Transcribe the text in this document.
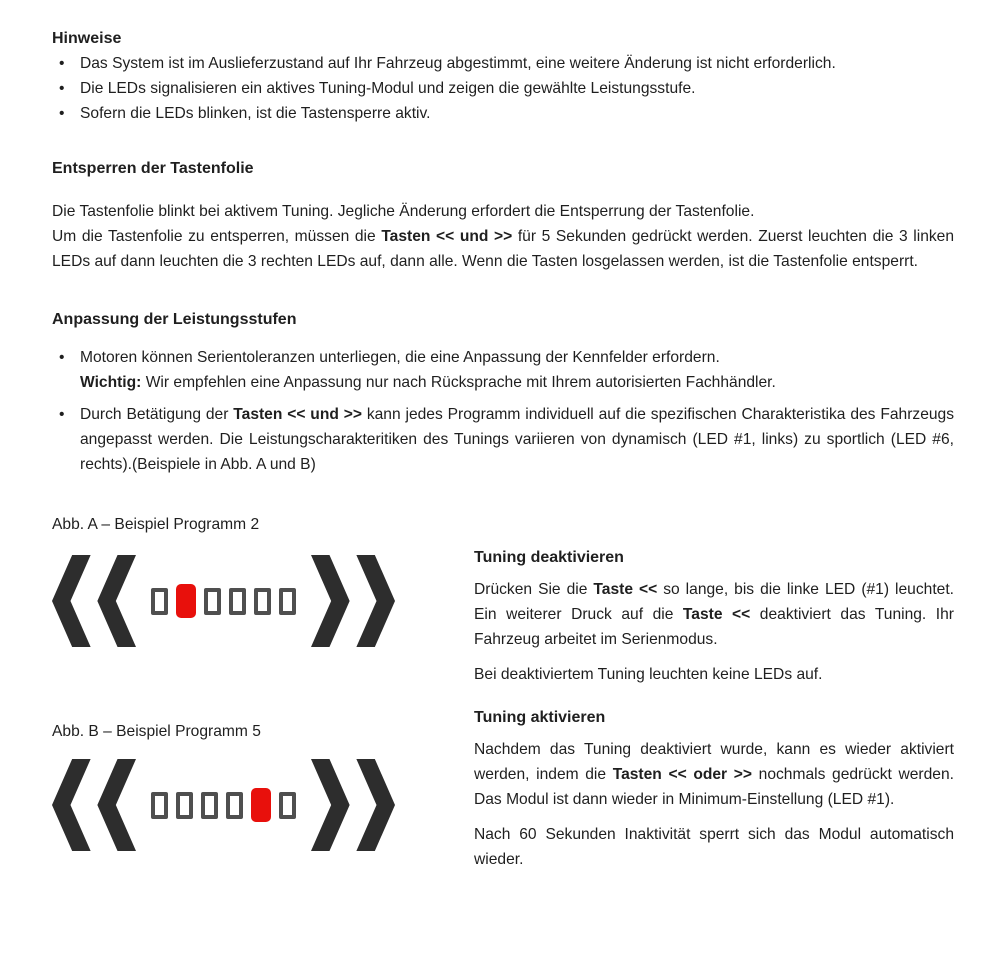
Hinweise
• Das System ist im Auslieferzustand auf Ihr Fahrzeug abgestimmt, eine weitere Änderung ist nicht erforderlich.
• Die LEDs signalisieren ein aktives Tuning-Modul und zeigen die gewählte Leistungsstufe.
• Sofern die LEDs blinken, ist die Tastensperre aktiv.
Entsperren der Tastenfolie

Die Tastenfolie blinkt bei aktivem Tuning. Jegliche Änderung erfordert die Entsperrung der Tastenfolie.
Um die Tastenfolie zu entsperren, müssen die Tasten << und >> für 5 Sekunden gedrückt werden. Zuerst leuchten die 3 linken LEDs auf dann leuchten die 3 rechten LEDs auf, dann alle. Wenn die Tasten losgelassen werden, ist die Tastenfolie entsperrt.

Anpassung der Leistungsstufen
• Motoren können Serientoleranzen unterliegen, die eine Anpassung der Kennfelder erfordern.
Wichtig: Wir empfehlen eine Anpassung nur nach Rücksprache mit Ihrem autorisierten Fachhändler.
• Durch Betätigung der Tasten << und >> kann jedes Programm individuell auf die spezifischen Charakteristika des Fahrzeugs angepasst werden. Die Leistungscharakteritiken des Tunings variieren von dynamisch (LED #1, links) zu sportlich (LED #6, rechts).(Beispiele in Abb. A und B)

Abb. A – Beispiel Programm 2

Abb. B – Beispiel Programm 5

Tuning deaktivieren

Drücken Sie die Taste << so lange, bis die linke LED (#1) leuchtet. Ein weiterer Druck auf die Taste << deaktiviert das Tuning. Ihr Fahrzeug arbeitet im Serienmodus.

Bei deaktiviertem Tuning leuchten keine LEDs auf.

Tuning aktivieren

Nachdem das Tuning deaktiviert wurde, kann es wieder aktiviert werden, indem die Tasten << oder >> nochmals gedrückt werden. Das Modul ist dann wieder in Minimum-Einstellung (LED #1).

Nach 60 Sekunden Inaktivität sperrt sich das Modul automatisch wieder.
